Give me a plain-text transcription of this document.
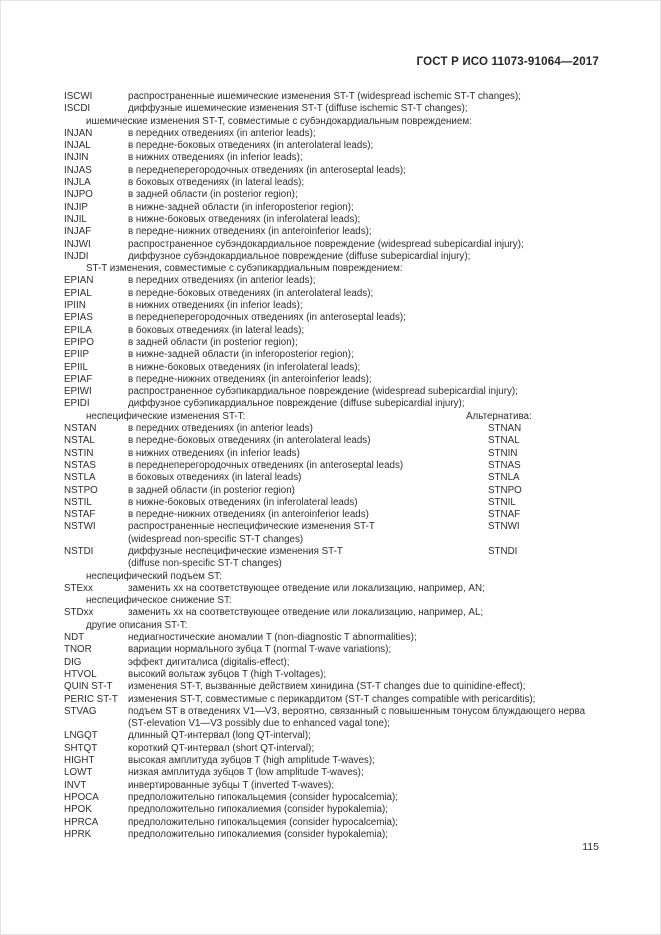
ГОСТ Р ИСО 11073-91064—2017
ISCWI	распространенные ишемические изменения ST-T (widespread ischemic ST-T changes);
ISCDI	диффузные ишемические изменения ST-T (diffuse ischemic ST-T changes);
ишемические изменения ST-T, совместимые с субэндокардиальным повреждением:
INJAN	в передних отведениях (in anterior leads);
INJAL	в передне-боковых отведениях (in anterolateral leads);
INJIN	в нижних отведениях (in inferior leads);
INJAS	в переднеперегородочных отведениях (in anteroseptal leads);
INJLA	в боковых отведениях (in lateral leads);
INJPO	в задней области (in posterior region);
INJIP	в нижне-задней области (in inferoposterior region);
INJIL	в нижне-боковых отведениях (in inferolateral leads);
INJAF	в передне-нижних отведениях (in anteroinferior leads);
INJWI	распространенное субэндокардиальное повреждение (widespread subepicardial injury);
INJDI	диффузное субэндокардиальное повреждение (diffuse subepicardial injury);
ST-T изменения, совместимые с субэпикардиальным повреждением:
EPIAN	в передних отведениях (in anterior leads);
EPIAL	в передне-боковых отведениях (in anterolateral leads);
IPIIN	в нижних отведениях (in inferior leads);
EPIAS	в переднеперегородочных отведениях (in anteroseptal leads);
EPILA	в боковых отведениях (in lateral leads);
EPIPO	в задней области (in posterior region);
EPIIP	в нижне-задней области (in inferoposterior region);
EPIIL	в нижне-боковых отведениях (in inferolateral leads);
EPIAF	в передне-нижних отведениях (in anteroinferior leads);
EPIWI	распространенное субэпикардиальное повреждение (widespread subepicardial injury);
EPIDI	диффузное субэпикардиальное повреждение (diffuse subepicardial injury);
неспецифические изменения ST-T:	Альтернатива:
NSTAN	в передних отведениях (in anterior leads)	STNAN
NSTAL	в передне-боковых отведениях (in anterolateral leads)	STNAL
NSTIN	в нижних отведениях (in inferior leads)	STNIN
NSTAS	в переднеперегородочных отведениях (in anteroseptal leads)	STNAS
NSTLA	в боковых отведениях (in lateral leads)	STNLA
NSTPO	в задней области (in posterior region)	STNPO
NSTIL	в нижне-боковых отведениях (in inferolateral leads)	STNIL
NSTAF	в передне-нижних отведениях (in anteroinferior leads)	STNAF
NSTWI	распространенные неспецифические изменения ST-T	STNWI
(widespread non-specific ST-T changes)
NSTDI	диффузные неспецифические изменения ST-T	STNDI
(diffuse non-specific ST-T changes)
неспецифический подъем ST:
STExx	заменить хх на соответствующее отведение или локализацию, например, AN;
неспецифическое снижение ST:
STDxx	заменить хх на соответствующее отведение или локализацию, например, AL;
другие описания ST-T:
NDT	недиагностические аномалии T (non-diagnostic T abnormalities);
TNOR	вариации нормального зубца T (normal T-wave variations);
DIG	эффект дигиталиса (digitalis-effect);
HTVOL	высокий вольтаж зубцов T (high T-voltages);
QUIN ST-T	изменения ST-T, вызванные действием хинидина (ST-T changes due to quinidine-effect);
PERIC ST-T	изменения ST-T, совместимые с перикардитом (ST-T changes compatible with pericarditis);
STVAG	подъем ST в отведениях V1—V3, вероятно, связанный с повышенным тонусом блуждающего нерва
(ST-elevation V1—V3 possibly due to enhanced vagal tone);
LNGQT	длинный QT-интервал (long QT-interval);
SHTQT	короткий QT-интервал (short QT-interval);
HIGHT	высокая амплитуда зубцов T (high amplitude T-waves);
LOWT	низкая амплитуда зубцов T (low amplitude T-waves);
INVT	инвертированные зубцы T (inverted T-waves);
HPOCA	предположительно гипокальцемия (consider hypocalcemia);
HPOK	предположительно гипокалиемия (consider hypokalemia);
HPRCA	предположительно гипокальцемия (consider hypocalcemia);
HPRK	предположительно гипокалиемия (consider hypokalemia);
115
